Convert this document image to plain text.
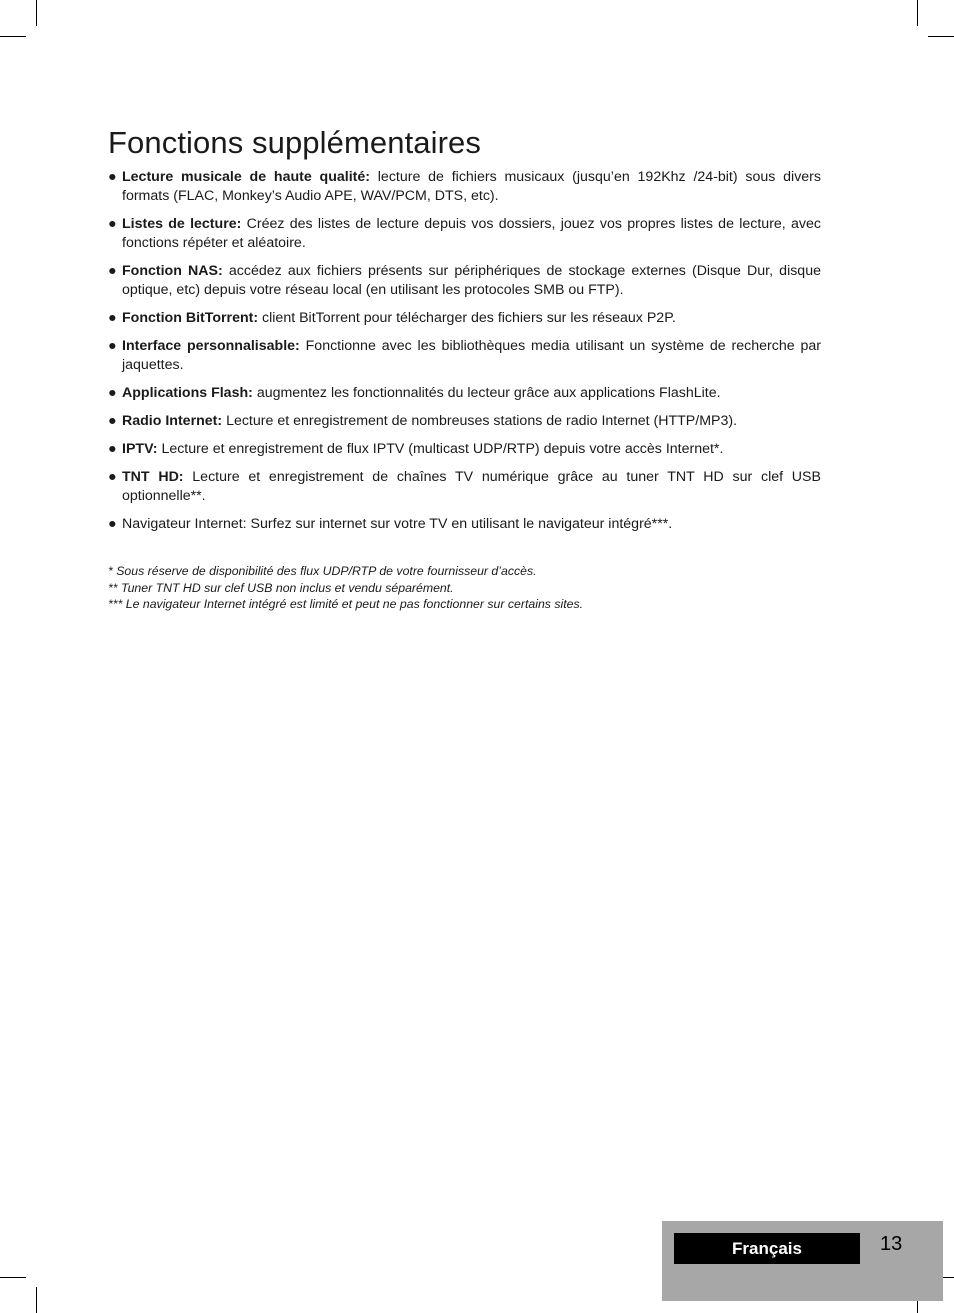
Fonctions supplémentaires
● Lecture musicale de haute qualité: lecture de fichiers musicaux (jusqu’en 192Khz /24-bit) sous divers formats (FLAC, Monkey’s Audio APE, WAV/PCM, DTS, etc).
● Listes de lecture: Créez des listes de lecture depuis vos dossiers, jouez vos propres listes de lecture, avec fonctions répéter et aléatoire.
● Fonction NAS: accédez aux fichiers présents sur périphériques de stockage externes (Disque Dur, disque optique, etc) depuis votre réseau local (en utilisant les protocoles SMB ou FTP).
● Fonction BitTorrent: client BitTorrent pour télécharger des fichiers sur les réseaux P2P.
● Interface personnalisable: Fonctionne avec les bibliothèques media utilisant un système de recherche par jaquettes.
● Applications Flash: augmentez les fonctionnalités du lecteur grâce aux applications FlashLite.
● Radio Internet: Lecture et enregistrement de nombreuses stations de radio Internet (HTTP/MP3).
● IPTV: Lecture et enregistrement de flux IPTV (multicast UDP/RTP) depuis votre accès Internet*.
● TNT HD: Lecture et enregistrement de chaînes TV numérique grâce au tuner TNT HD sur clef USB optionnelle**.
● Navigateur Internet: Surfez sur internet sur votre TV en utilisant le navigateur intégré***.

* Sous réserve de disponibilité des flux UDP/RTP de votre fournisseur d’accès.

** Tuner TNT HD sur clef USB non inclus et vendu séparément.

*** Le navigateur Internet intégré est limité et peut ne pas fonctionner sur certains sites.

Français	13
